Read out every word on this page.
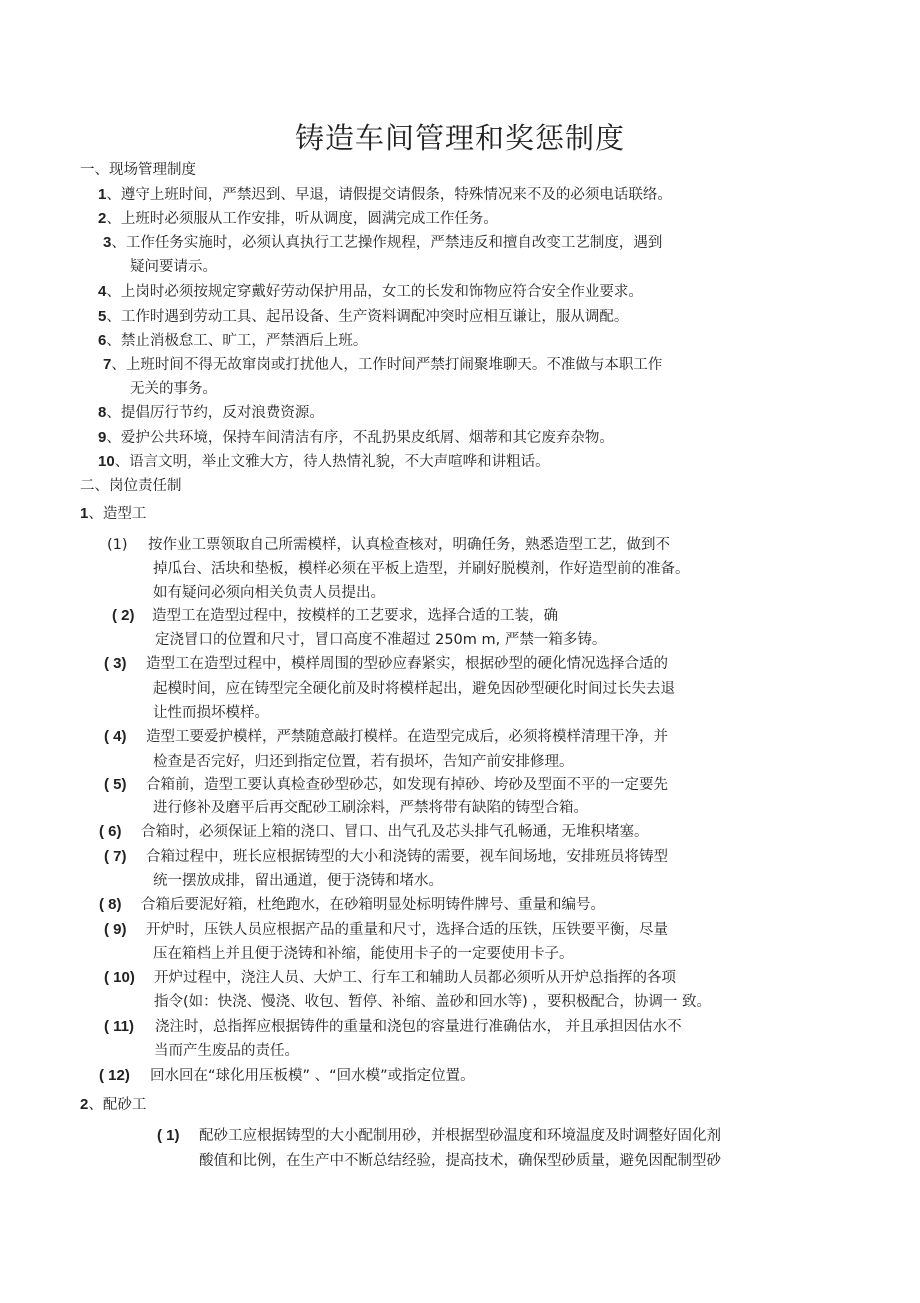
铸造车间管理和奖惩制度
一、现场管理制度
1、遵守上班时间，严禁迟到、早退，请假提交请假条，特殊情况来不及的必须电话联络。
2、上班时必须服从工作安排，听从调度，圆满完成工作任务。
3、工作任务实施时，必须认真执行工艺操作规程，严禁违反和擅自改变工艺制度，遇到
疑问要请示。
4、上岗时必须按规定穿戴好劳动保护用品，女工的长发和饰物应符合安全作业要求。
5、工作时遇到劳动工具、起吊设备、生产资料调配冲突时应相互谦让，服从调配。
6、禁止消极怠工、旷工，严禁酒后上班。
7、上班时间不得无故窜岗或打扰他人，工作时间严禁打闹聚堆聊天。不准做与本职工作
无关的事务。
8、提倡厉行节约，反对浪费资源。
9、爱护公共环境，保持车间清洁有序，不乱扔果皮纸屑、烟蒂和其它废弃杂物。
10、语言文明，举止文雅大方，待人热情礼貌，不大声喧哗和讲粗话。
二、岗位责任制
1、造型工
(1) 按作业工票领取自己所需模样，认真检查核对，明确任务，熟悉造型工艺，做到不
掉瓜台、活块和垫板，模样必须在平板上造型，并刷好脱模剂，作好造型前的准备。
如有疑问必须向相关负责人员提出。
( 2) 造型工在造型过程中，按模样的工艺要求，选择合适的工装，确
定浇冒口的位置和尺寸，冒口高度不准超过 250m m, 严禁一箱多铸。
( 3) 造型工在造型过程中，模样周围的型砂应舂紧实，根据砂型的硬化情况选择合适的
起模时间，应在铸型完全硬化前及时将模样起出，避免因砂型硬化时间过长失去退
让性而损坏模样。
( 4) 造型工要爱护模样，严禁随意敲打模样。在造型完成后，必须将模样清理干净，并
检查是否完好，归还到指定位置，若有损坏，告知产前安排修理。
( 5) 合箱前，造型工要认真检查砂型砂芯，如发现有掉砂、垮砂及型面不平的一定要先
进行修补及磨平后再交配砂工刷涂料，严禁将带有缺陷的铸型合箱。
( 6) 合箱时，必须保证上箱的浇口、冒口、出气孔及芯头排气孔畅通，无堆积堵塞。
( 7) 合箱过程中，班长应根据铸型的大小和浇铸的需要，视车间场地，安排班员将铸型
统一摆放成排，留出通道，便于浇铸和堵水。
( 8) 合箱后要泥好箱，杜绝跑水，在砂箱明显处标明铸件牌号、重量和编号。
( 9) 开炉时，压铁人员应根据产品的重量和尺寸，选择合适的压铁，压铁要平衡，尽量
压在箱档上并且便于浇铸和补缩，能使用卡子的一定要使用卡子。
( 10) 开炉过程中，浇注人员、大炉工、行车工和辅助人员都必须听从开炉总指挥的各项
指令(如：快浇、慢浇、收包、暂停、补缩、盖砂和回水等) ，要积极配合，协调一 致。
( 11) 浇注时，总指挥应根据铸件的重量和浇包的容量进行准确估水， 并且承担因估水不
当而产生废品的责任。
( 12) 回水回在“球化用压板模” 、“回水模”或指定位置。
2、配砂工
( 1) 配砂工应根据铸型的大小配制用砂，并根据型砂温度和环境温度及时调整好固化剂
酸值和比例，在生产中不断总结经验，提高技术，确保型砂质量，避免因配制型砂
